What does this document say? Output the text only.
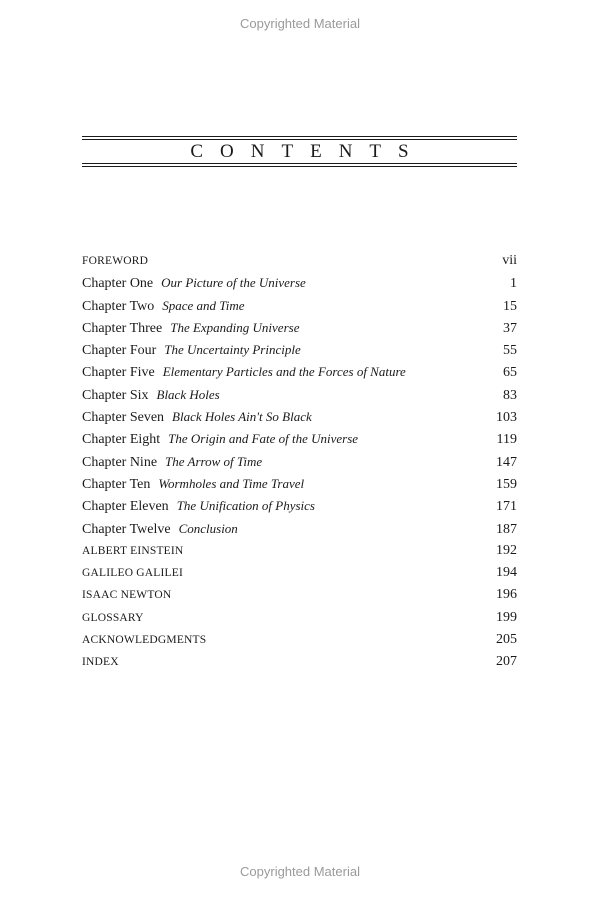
Copyrighted Material
CONTENTS
FOREWORD	vii
Chapter One Our Picture of the Universe	1
Chapter Two Space and Time	15
Chapter Three The Expanding Universe	37
Chapter Four The Uncertainty Principle	55
Chapter Five Elementary Particles and the Forces of Nature	65
Chapter Six Black Holes	83
Chapter Seven Black Holes Ain't So Black	103
Chapter Eight The Origin and Fate of the Universe	119
Chapter Nine The Arrow of Time	147
Chapter Ten Wormholes and Time Travel	159
Chapter Eleven The Unification of Physics	171
Chapter Twelve Conclusion	187
ALBERT EINSTEIN	192
GALILEO GALILEI	194
ISAAC NEWTON	196
GLOSSARY	199
ACKNOWLEDGMENTS	205
INDEX	207
Copyrighted Material
